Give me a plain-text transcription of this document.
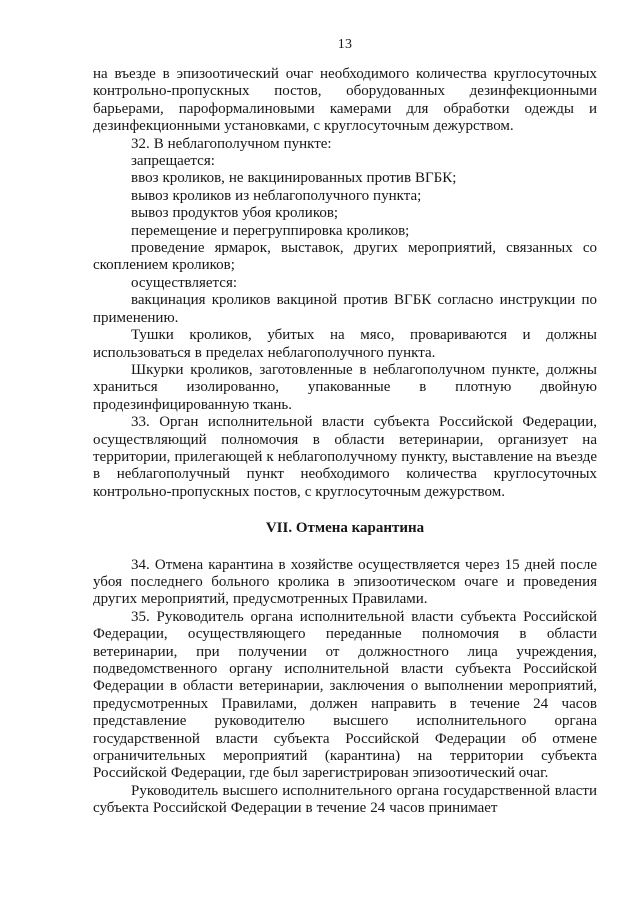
13

на въезде в эпизоотический очаг необходимого количества круглосуточных контрольно-пропускных постов, оборудованных дезинфекционными барьерами, пароформалиновыми камерами для обработки одежды и дезинфекционными установками, с круглосуточным дежурством.

32. В неблагополучном пункте:

запрещается:

ввоз кроликов, не вакцинированных против ВГБК;

вывоз кроликов из неблагополучного пункта;

вывоз продуктов убоя кроликов;

перемещение и перегруппировка кроликов;

проведение ярмарок, выставок, других мероприятий, связанных со скоплением кроликов;

осуществляется:

вакцинация кроликов вакциной против ВГБК согласно инструкции по применению.

Тушки кроликов, убитых на мясо, провариваются и должны использоваться в пределах неблагополучного пункта.

Шкурки кроликов, заготовленные в неблагополучном пункте, должны храниться изолированно, упакованные в плотную двойную продезинфицированную ткань.

33. Орган исполнительной власти субъекта Российской Федерации, осуществляющий полномочия в области ветеринарии, организует на территории, прилегающей к неблагополучному пункту, выставление на въезде в неблагополучный пункт необходимого количества круглосуточных контрольно-пропускных постов, с круглосуточным дежурством.

VII. Отмена карантина

34. Отмена карантина в хозяйстве осуществляется через 15 дней после убоя последнего больного кролика в эпизоотическом очаге и проведения других мероприятий, предусмотренных Правилами.

35. Руководитель органа исполнительной власти субъекта Российской Федерации, осуществляющего переданные полномочия в области ветеринарии, при получении от должностного лица учреждения, подведомственного органу исполнительной власти субъекта Российской Федерации в области ветеринарии, заключения о выполнении мероприятий, предусмотренных Правилами, должен направить в течение 24 часов представление руководителю высшего исполнительного органа государственной власти субъекта Российской Федерации об отмене ограничительных мероприятий (карантина) на территории субъекта Российской Федерации, где был зарегистрирован эпизоотический очаг.

Руководитель высшего исполнительного органа государственной власти субъекта Российской Федерации в течение 24 часов принимает
